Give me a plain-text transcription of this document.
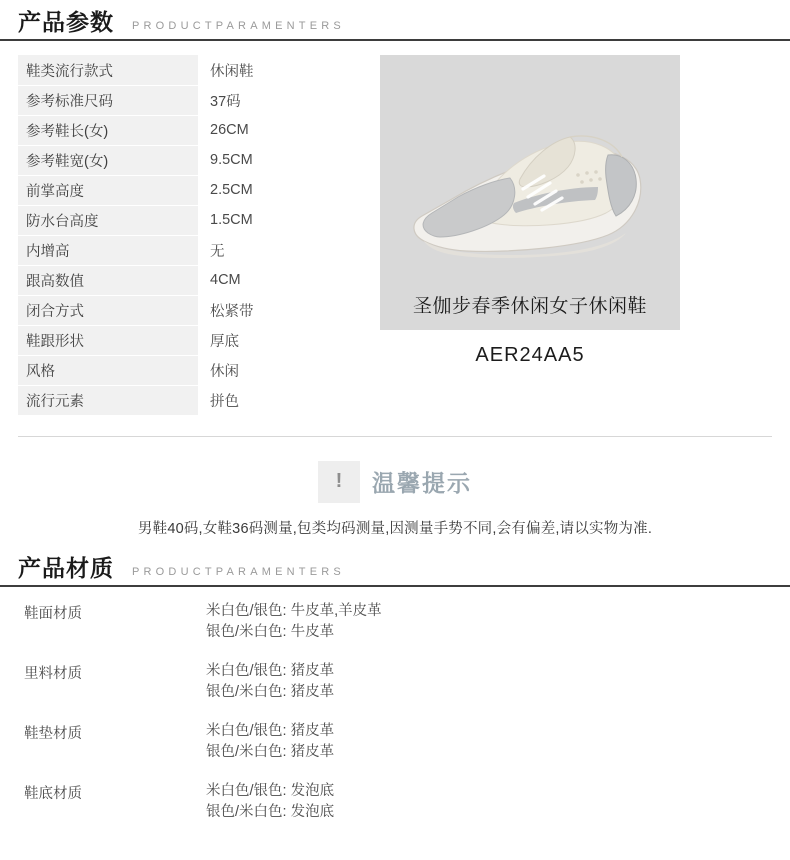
产品参数 PRODUCTPARAMENTERS
鞋类流行款式	休闲鞋
参考标准尺码	37码
参考鞋长(女)	26CM
参考鞋宽(女)	9.5CM
前掌高度	2.5CM
防水台高度	1.5CM
内增高	无
跟高数值	4CM
闭合方式	松紧带
鞋跟形状	厚底
风格	休闲
流行元素	拼色
圣伽步春季休闲女子休闲鞋
AER24AA5
!	温馨提示
男鞋40码,女鞋36码测量,包类均码测量,因测量手势不同,会有偏差,请以实物为准.
产品材质 PRODUCTPARAMENTERS
鞋面材质	米白色/银色: 牛皮革,羊皮革
银色/米白色: 牛皮革
里料材质	米白色/银色: 猪皮革
银色/米白色: 猪皮革
鞋垫材质	米白色/银色: 猪皮革
银色/米白色: 猪皮革
鞋底材质	米白色/银色: 发泡底
银色/米白色: 发泡底
